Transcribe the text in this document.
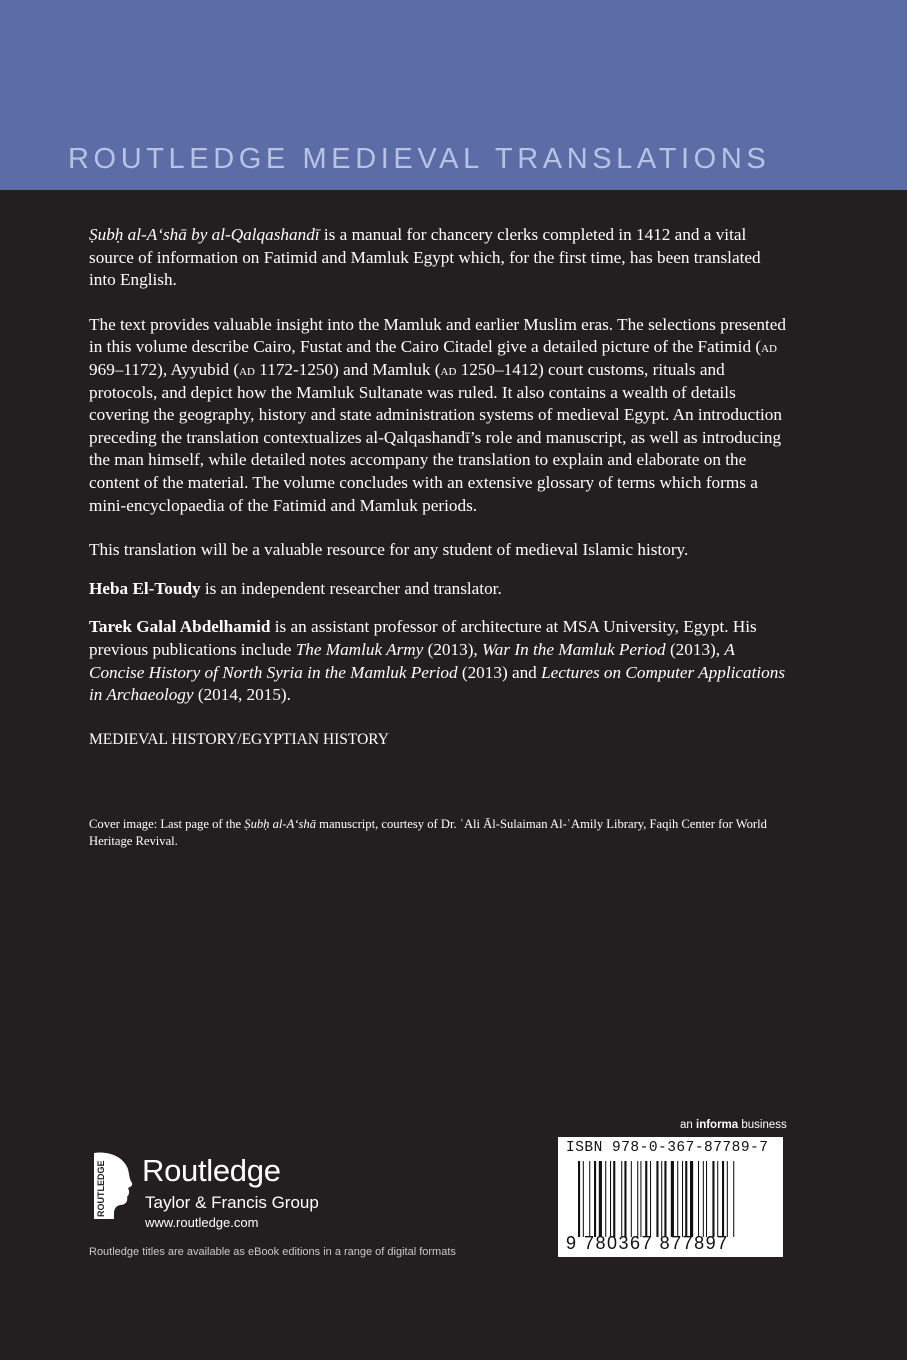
ROUTLEDGE MEDIEVAL TRANSLATIONS

Ṣubḥ al-A‘shā by al-Qalqashandī is a manual for chancery clerks completed in 1412 and a vital source of information on Fatimid and Mamluk Egypt which, for the first time, has been translated into English.

The text provides valuable insight into the Mamluk and earlier Muslim eras. The selections presented in this volume describe Cairo, Fustat and the Cairo Citadel give a detailed picture of the Fatimid (ad 969–1172), Ayyubid (ad 1172-1250) and Mamluk (ad 1250–1412) court customs, rituals and protocols, and depict how the Mamluk Sultanate was ruled. It also contains a wealth of details covering the geography, history and state administration systems of medieval Egypt. An introduction preceding the translation contextualizes al-Qalqashandī’s role and manuscript, as well as introducing the man himself, while detailed notes accompany the translation to explain and elaborate on the content of the material. The volume concludes with an extensive glossary of terms which forms a mini-encyclopaedia of the Fatimid and Mamluk periods.

This translation will be a valuable resource for any student of medieval Islamic history.

Heba El-Toudy is an independent researcher and translator.

Tarek Galal Abdelhamid is an assistant professor of architecture at MSA University, Egypt. His previous publications include The Mamluk Army (2013), War In the Mamluk Period (2013), A Concise History of North Syria in the Mamluk Period (2013) and Lectures on Computer Applications in Archaeology (2014, 2015).

MEDIEVAL HISTORY/EGYPTIAN HISTORY

Cover image: Last page of the Ṣubḥ al-A‘shā manuscript, courtesy of Dr. ʿAli Āl-Sulaiman Al-ʿAmily Library, Faqih Center for World Heritage Revival.
an informa business
ISBN 978-0-367-87789-7
9 780367 877897
ROUTLEDGE Routledge
Taylor & Francis Group
www.routledge.com
Routledge titles are available as eBook editions in a range of digital formats
